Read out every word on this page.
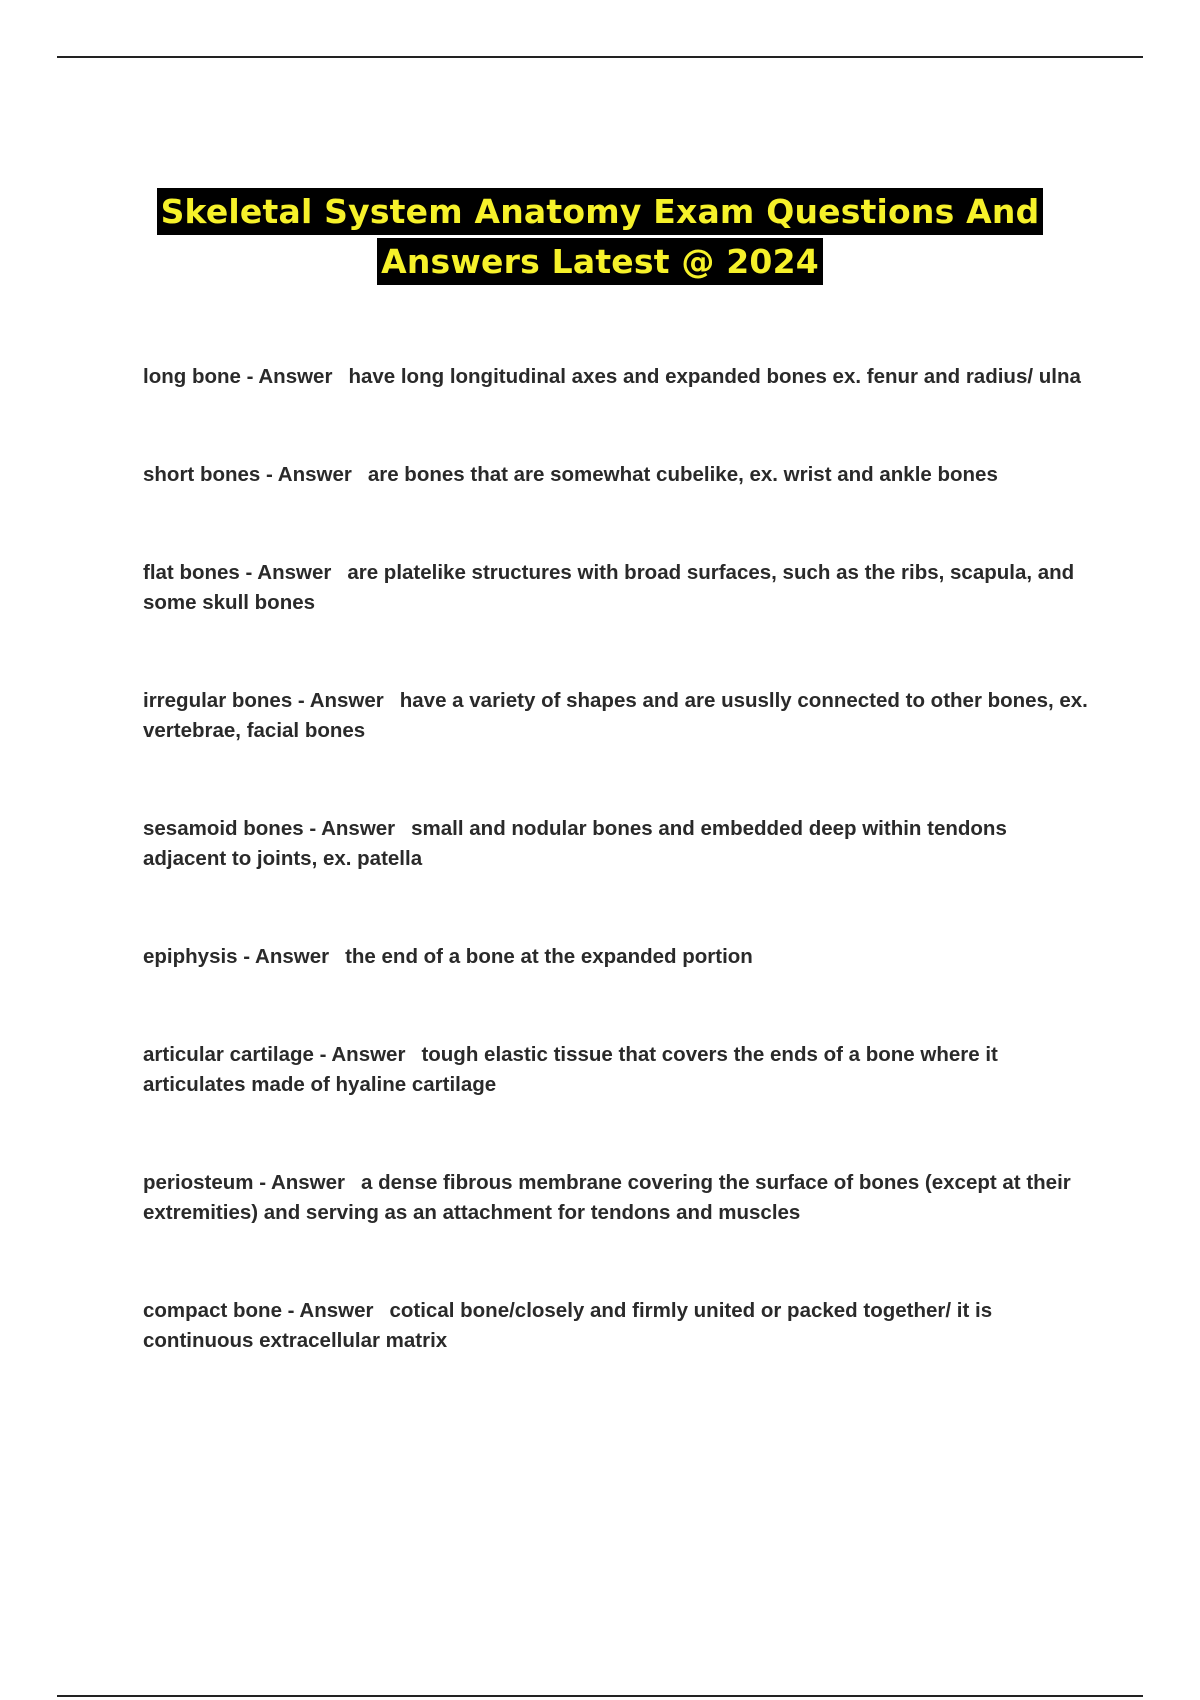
Skeletal System Anatomy Exam Questions And
Answers Latest @ 2024

long bone - Answer have long longitudinal axes and expanded bones ex. fenur and radius/ ulna

short bones - Answer are bones that are somewhat cubelike, ex. wrist and ankle bones

flat bones - Answer are platelike structures with broad surfaces, such as the ribs, scapula, and some skull bones

irregular bones - Answer have a variety of shapes and are ususlly connected to other bones, ex. vertebrae, facial bones

sesamoid bones - Answer small and nodular bones and embedded deep within tendons adjacent to joints, ex. patella

epiphysis - Answer the end of a bone at the expanded portion

articular cartilage - Answer tough elastic tissue that covers the ends of a bone where it articulates made of hyaline cartilage

periosteum - Answer a dense fibrous membrane covering the surface of bones (except at their extremities) and serving as an attachment for tendons and muscles

compact bone - Answer cotical bone/closely and firmly united or packed together/ it is continuous extracellular matrix
